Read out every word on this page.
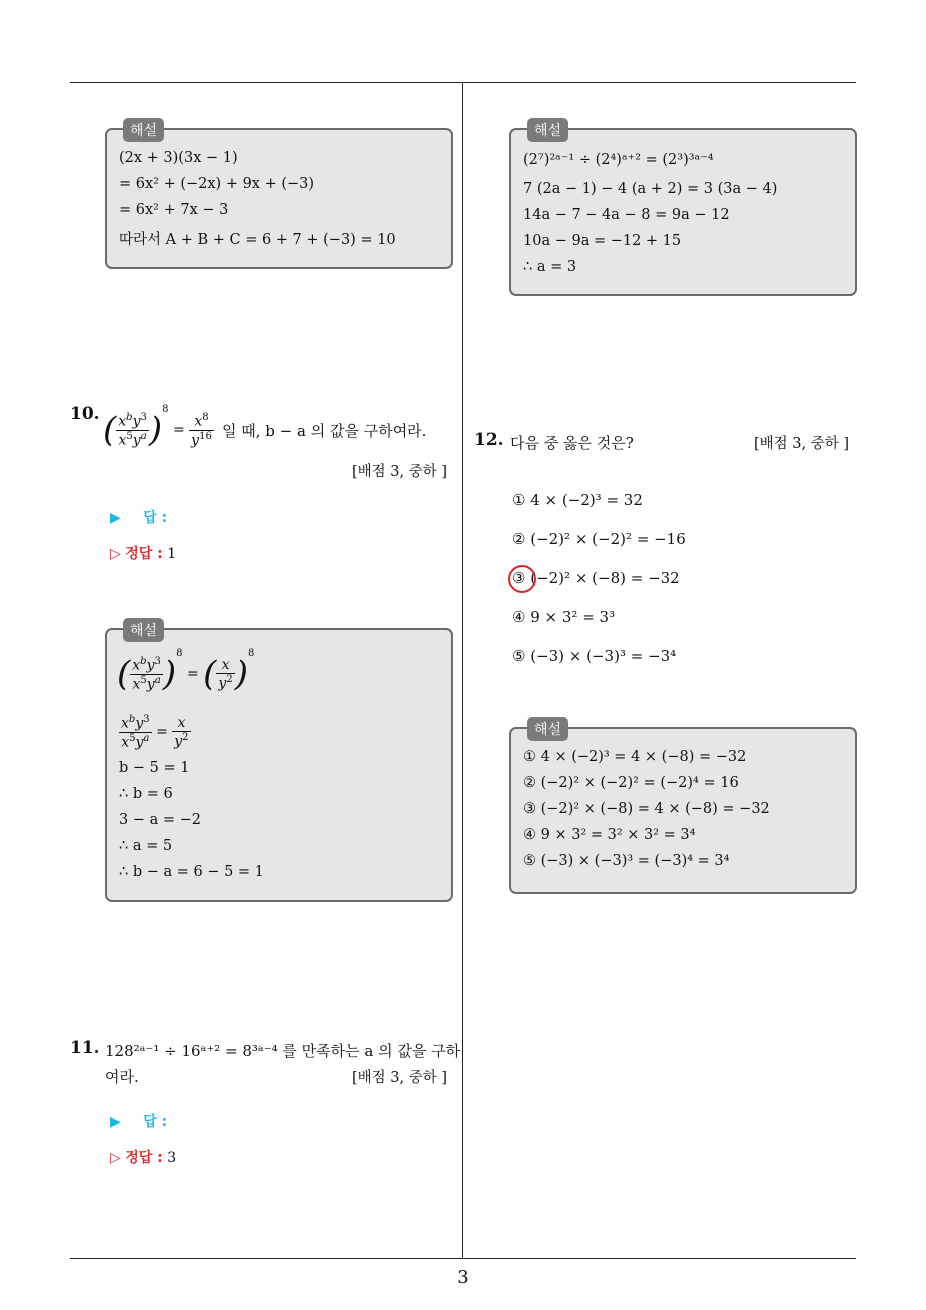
3
해설
(2x + 3)(3x − 1)
= 6x² + (−2x) + 9x + (−3)
= 6x² + 7x − 3
따라서 A + B + C = 6 + 7 + (−3) = 10
해설
(2⁷)²ᵃ⁻¹ ÷ (2⁴)ᵃ⁺² = (2³)³ᵃ⁻⁴
7 (2a − 1) − 4 (a + 2) = 3 (3a − 4)
14a − 7 − 4a − 8 = 9a − 12
10a − 9a = −12 + 15
∴ a = 3
10. ( $\frac{x^by^3}{x^5y^a} )^8 = \frac{x^8}{y^{16}}$ 일 때, b − a 의 값을 구하여라.
[배점 3, 중하 ]
▶ 답 :
▷ 정답 : 1
해설
( $\frac{x^by^3}{x^5y^a} )^8$ = ( $\frac{x}{y^2} )^8$
$\frac{x^by^3}{x^5y^a} = \frac{x}{y^2}$
b − 5 = 1
∴ b = 6
3 − a = −2
∴ a = 5
∴ b − a = 6 − 5 = 1
11. 128²ᵃ⁻¹ ÷ 16ᵃ⁺² = 8³ᵃ⁻⁴ 를 만족하는 a 의 값을 구하
여라.	[배점 3, 중하 ]
▶ 답 :
▷ 정답 : 3
12. 다음 중 옳은 것은?	[배점 3, 중하 ]
① 4 × (−2)³ = 32
② (−2)² × (−2)² = −16
③ (−2)² × (−8) = −32
④ 9 × 3² = 3³
⑤ (−3) × (−3)³ = −3⁴
해설
① 4 × (−2)³ = 4 × (−8) = −32
② (−2)² × (−2)² = (−2)⁴ = 16
③ (−2)² × (−8) = 4 × (−8) = −32
④ 9 × 3² = 3² × 3² = 3⁴
⑤ (−3) × (−3)³ = (−3)⁴ = 3⁴
